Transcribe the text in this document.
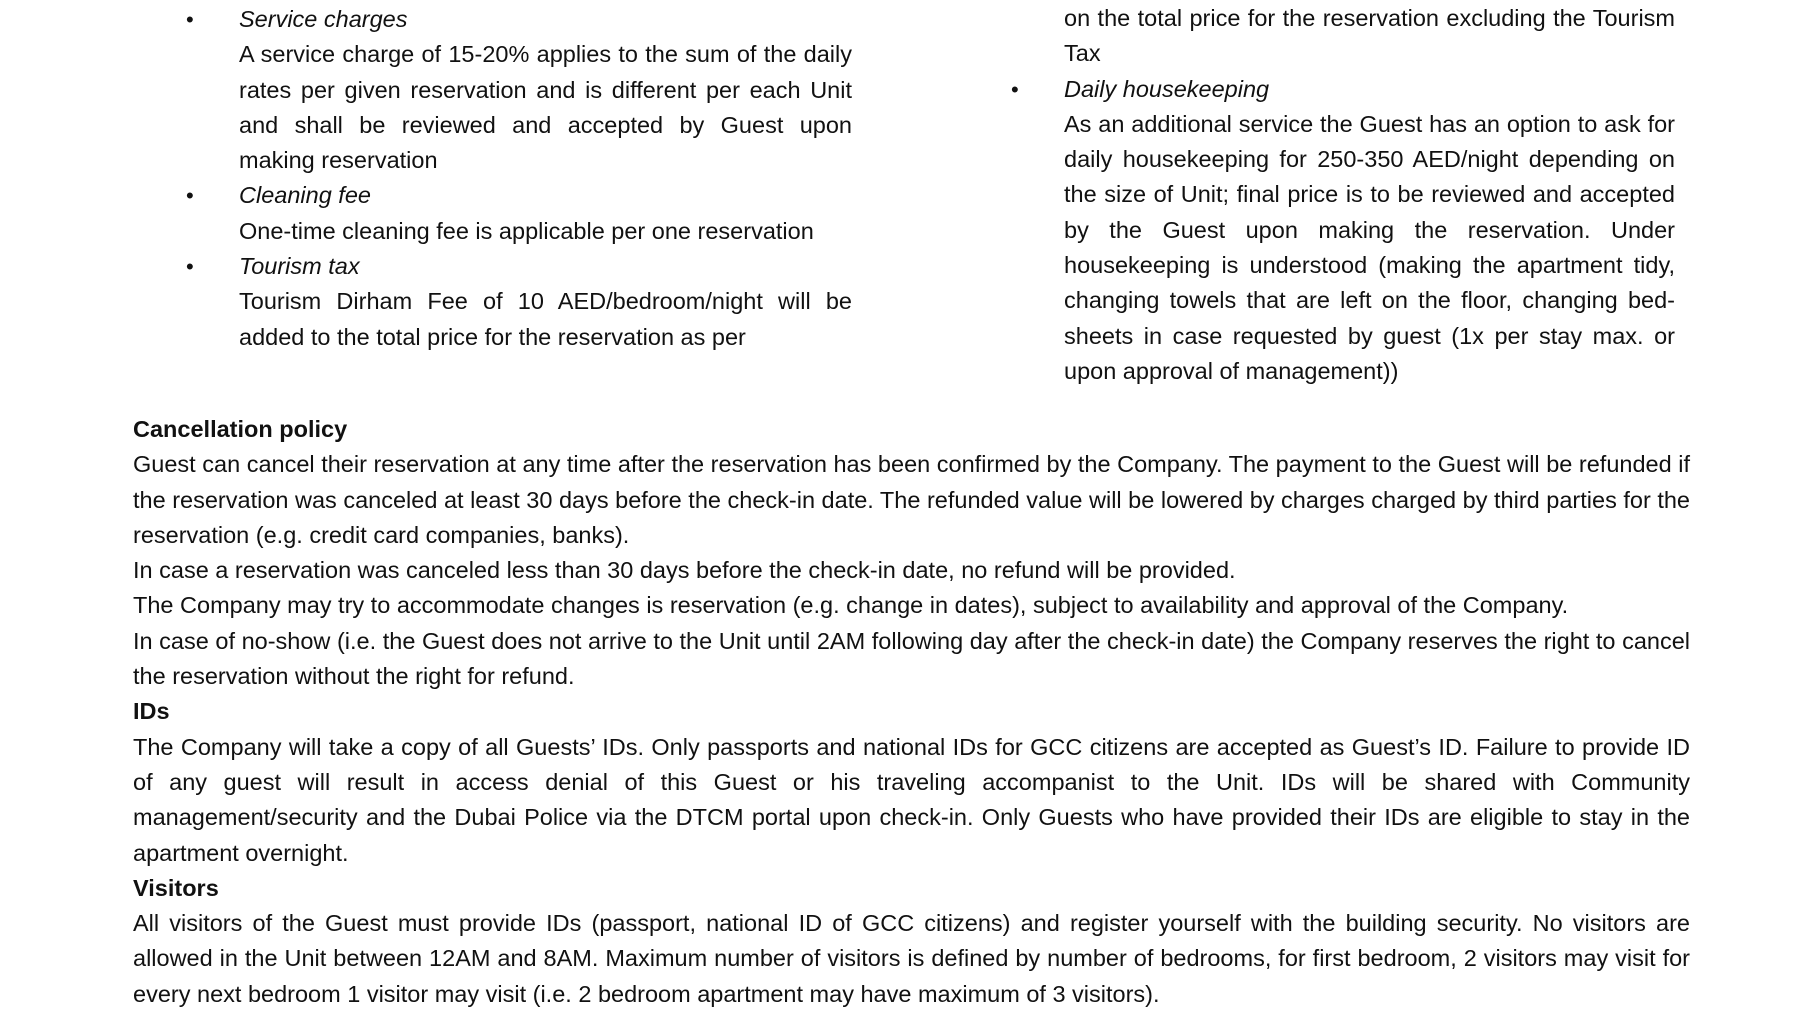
•	Service charges
A service charge of 15-20% applies to the sum of the daily rates per given reservation and is different per each Unit and shall be reviewed and accepted by Guest upon making reservation
•	Cleaning fee
One-time cleaning fee is applicable per one reservation
•	Tourism tax
Tourism Dirham Fee of 10 AED/bedroom/night will be added to the total price for the reservation as per

on the total price for the reservation excluding the Tourism Tax

•	Daily housekeeping
As an additional service the Guest has an option to ask for daily housekeeping for 250-350 AED/night depending on the size of Unit; final price is to be reviewed and accepted by the Guest upon making the reservation. Under housekeeping is understood (making the apartment tidy, changing towels that are left on the floor, changing bed-sheets in case requested by guest (1x per stay max. or upon approval of management))
Cancellation policy
Guest can cancel their reservation at any time after the reservation has been confirmed by the Company. The payment to the Guest will be refunded if the reservation was canceled at least 30 days before the check-in date. The refunded value will be lowered by charges charged by third parties for the reservation (e.g. credit card companies, banks).
In case a reservation was canceled less than 30 days before the check-in date, no refund will be provided.
The Company may try to accommodate changes is reservation (e.g. change in dates), subject to availability and approval of the Company.
In case of no-show (i.e. the Guest does not arrive to the Unit until 2AM following day after the check-in date) the Company reserves the right to cancel the reservation without the right for refund.
IDs
The Company will take a copy of all Guests’ IDs. Only passports and national IDs for GCC citizens are accepted as Guest’s ID. Failure to provide ID of any guest will result in access denial of this Guest or his traveling accompanist to the Unit. IDs will be shared with Community management/security and the Dubai Police via the DTCM portal upon check-in. Only Guests who have provided their IDs are eligible to stay in the apartment overnight.
Visitors
All visitors of the Guest must provide IDs (passport, national ID of GCC citizens) and register yourself with the building security. No visitors are allowed in the Unit between 12AM and 8AM. Maximum number of visitors is defined by number of bedrooms, for first bedroom, 2 visitors may visit for every next bedroom 1 visitor may visit (i.e. 2 bedroom apartment may have maximum of 3 visitors).
